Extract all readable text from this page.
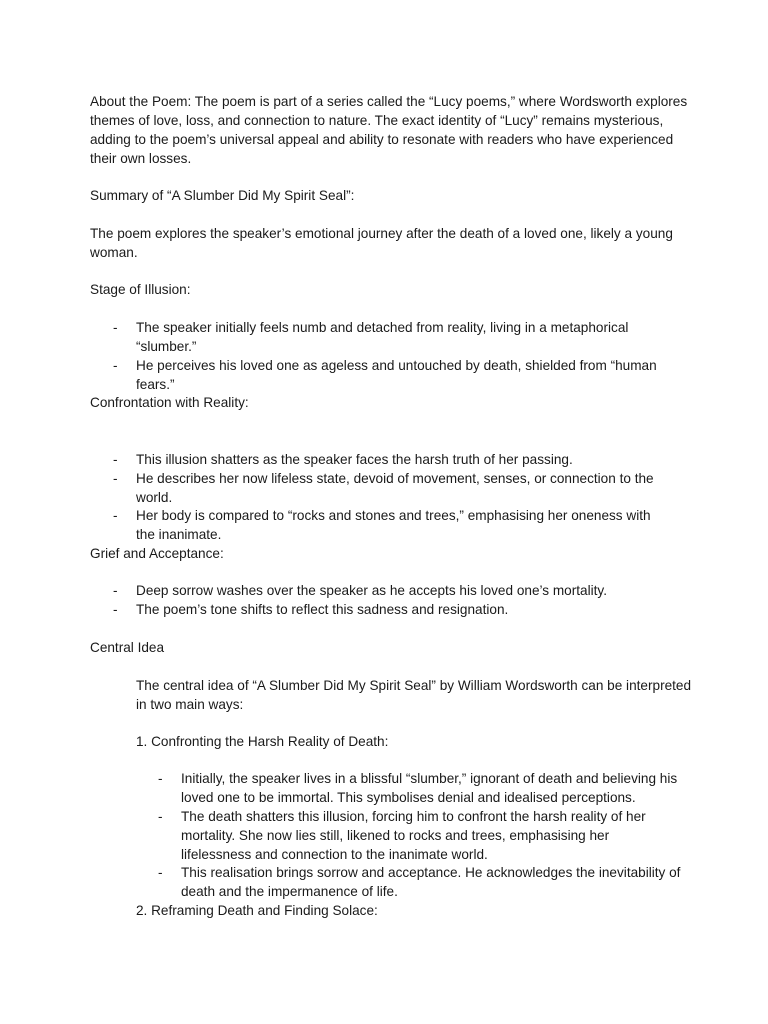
About the Poem: The poem is part of a series called the “Lucy poems,” where Wordsworth explores themes of love, loss, and connection to nature. The exact identity of “Lucy” remains mysterious, adding to the poem’s universal appeal and ability to resonate with readers who have experienced their own losses.

Summary of “A Slumber Did My Spirit Seal”:

The poem explores the speaker’s emotional journey after the death of a loved one, likely a young woman.

Stage of Illusion:

- The speaker initially feels numb and detached from reality, living in a metaphorical “slumber.”
- He perceives his loved one as ageless and untouched by death, shielded from “human fears.”

Confrontation with Reality:

- This illusion shatters as the speaker faces the harsh truth of her passing.
- He describes her now lifeless state, devoid of movement, senses, or connection to the world.
- Her body is compared to “rocks and stones and trees,” emphasising her oneness with the inanimate.

Grief and Acceptance:

- Deep sorrow washes over the speaker as he accepts his loved one’s mortality.
- The poem’s tone shifts to reflect this sadness and resignation.

Central Idea

The central idea of “A Slumber Did My Spirit Seal” by William Wordsworth can be interpreted in two main ways:

1. Confronting the Harsh Reality of Death:

- Initially, the speaker lives in a blissful “slumber,” ignorant of death and believing his loved one to be immortal. This symbolises denial and idealised perceptions.
- The death shatters this illusion, forcing him to confront the harsh reality of her mortality. She now lies still, likened to rocks and trees, emphasising her lifelessness and connection to the inanimate world.
- This realisation brings sorrow and acceptance. He acknowledges the inevitability of death and the impermanence of life.

2. Reframing Death and Finding Solace:
